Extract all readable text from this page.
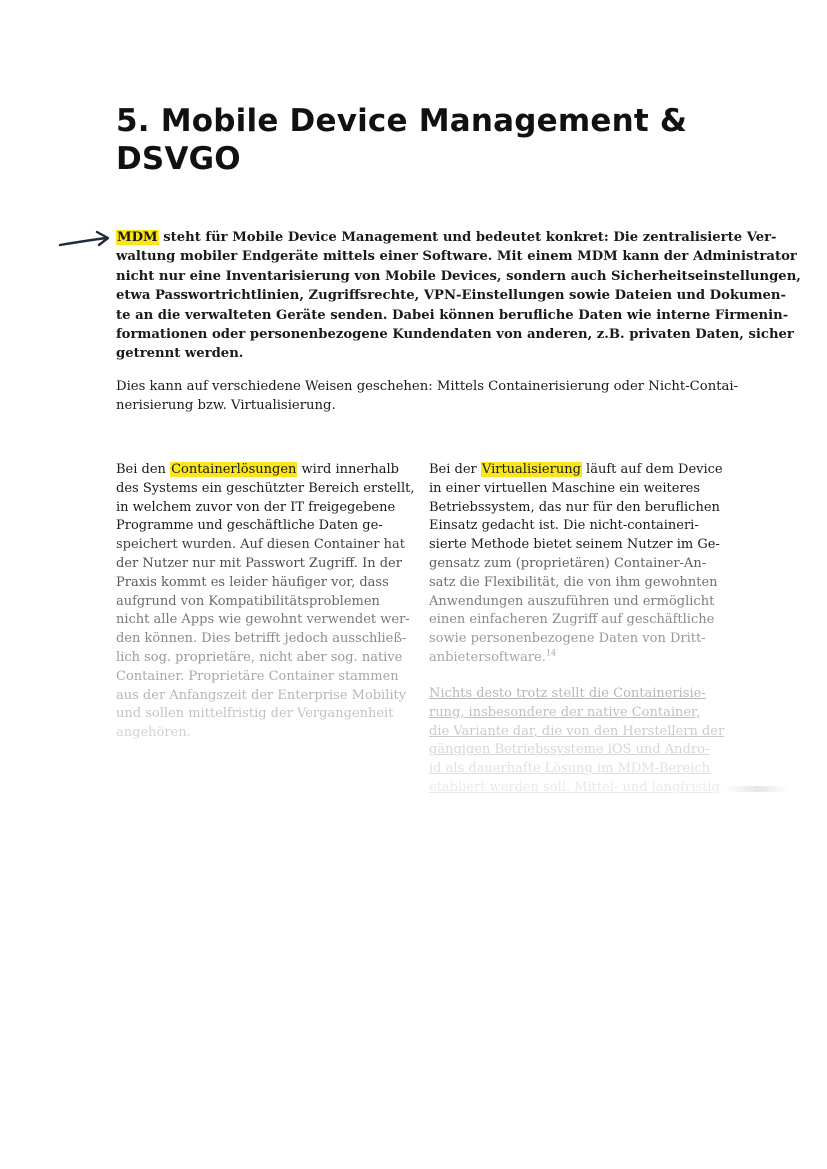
5. Mobile Device Management &
DSVGO
MDM steht für Mobile Device Management und bedeutet konkret: Die zentralisierte Ver-
waltung mobiler Endgeräte mittels einer Software. Mit einem MDM kann der Administrator
nicht nur eine Inventarisierung von Mobile Devices, sondern auch Sicherheitseinstellungen,
etwa Passwortrichtlinien, Zugriffsrechte, VPN-Einstellungen sowie Dateien und Dokumen-
te an die verwalteten Geräte senden. Dabei können berufliche Daten wie interne Firmenin-
formationen oder personenbezogene Kundendaten von anderen, z.B. privaten Daten, sicher
getrennt werden.
Dies kann auf verschiedene Weisen geschehen: Mittels Containerisierung oder Nicht-Contai-
nerisierung bzw. Virtualisierung.
Bei den Containerlösungen wird innerhalb
des Systems ein geschützter Bereich erstellt,
in welchem zuvor von der IT freigegebene
Programme und geschäftliche Daten ge-
speichert wurden. Auf diesen Container hat
der Nutzer nur mit Passwort Zugriff. In der
Praxis kommt es leider häufiger vor, dass
aufgrund von Kompatibilitätsproblemen
nicht alle Apps wie gewohnt verwendet wer-
den können. Dies betrifft jedoch ausschließ-
lich sog. proprietäre, nicht aber sog. native
Container. Proprietäre Container stammen
aus der Anfangszeit der Enterprise Mobility
und sollen mittelfristig der Vergangenheit
angehören.
Bei der Virtualisierung läuft auf dem Device
in einer virtuellen Maschine ein weiteres
Betriebssystem, das nur für den beruflichen
Einsatz gedacht ist. Die nicht-containeri-
sierte Methode bietet seinem Nutzer im Ge-
gensatz zum (proprietären) Container-An-
satz die Flexibilität, die von ihm gewohnten
Anwendungen auszuführen und ermöglicht
einen einfacheren Zugriff auf geschäftliche
sowie personenbezogene Daten von Dritt-
anbietersoftware.$^{14}$
Nichts desto trotz stellt die Containerisie-
rung, insbesondere der native Container,
die Variante dar, die von den Herstellern der
gängigen Betriebssysteme iOS und Andro-
id als dauerhafte Lösung im MDM-Bereich
etabliert werden soll. Mittel- und langfristig
